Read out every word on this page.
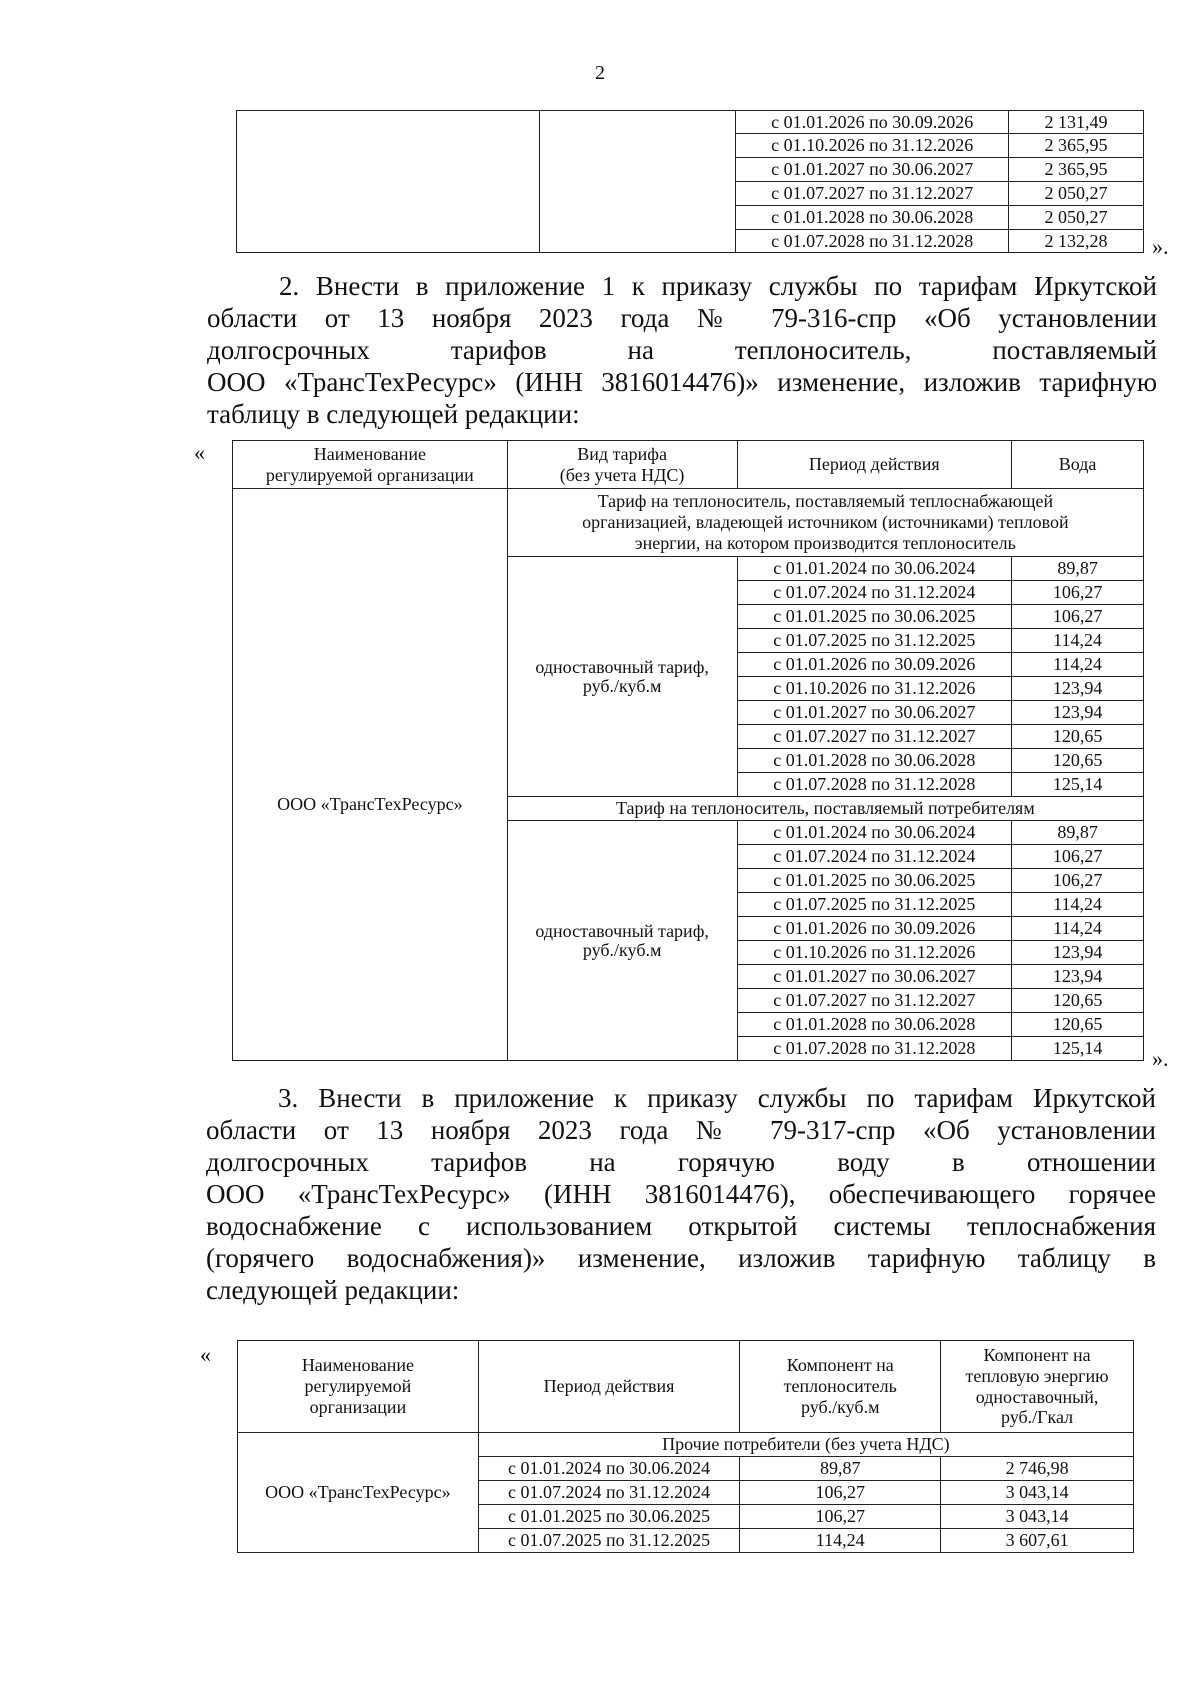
2
		с 01.01.2026 по 30.09.2026	2 131,49
		с 01.10.2026 по 31.12.2026	2 365,95
		с 01.01.2027 по 30.06.2027	2 365,95
		с 01.07.2027 по 31.12.2027	2 050,27
		с 01.01.2028 по 30.06.2028	2 050,27
		с 01.07.2028 по 31.12.2028	2 132,28 ».
2. Внести в приложение 1 к приказу службы по тарифам Иркутской
области от 13 ноября 2023 года № 79-316-спр «Об установлении
долгосрочных тарифов на теплоноситель, поставляемый
ООО «ТрансТехРесурс» (ИНН 3816014476)» изменение, изложив тарифную
таблицу в следующей редакции:
«	Наименование
регулируемой организации	Вид тарифа
(без учета НДС)	Период действия	Вода
ООО «ТрансТехРесурс»	Тариф на теплоноситель, поставляемый теплоснабжающей
организацией, владеющей источником (источниками) тепловой
энергии, на котором производится теплоноситель		
	одноставочный тариф,
руб./куб.м	с 01.01.2024 по 30.06.2024	89,87
		с 01.07.2024 по 31.12.2024	106,27
		с 01.01.2025 по 30.06.2025	106,27
		с 01.07.2025 по 31.12.2025	114,24
		с 01.01.2026 по 30.09.2026	114,24
		с 01.10.2026 по 31.12.2026	123,94
		с 01.01.2027 по 30.06.2027	123,94
		с 01.07.2027 по 31.12.2027	120,65
		с 01.01.2028 по 30.06.2028	120,65
		с 01.07.2028 по 31.12.2028	125,14
	Тариф на теплоноситель, поставляемый потребителям		
	одноставочный тариф,
руб./куб.м	с 01.01.2024 по 30.06.2024	89,87
		с 01.07.2024 по 31.12.2024	106,27
		с 01.01.2025 по 30.06.2025	106,27
		с 01.07.2025 по 31.12.2025	114,24
		с 01.01.2026 по 30.09.2026	114,24
		с 01.10.2026 по 31.12.2026	123,94
		с 01.01.2027 по 30.06.2027	123,94
		с 01.07.2027 по 31.12.2027	120,65
		с 01.01.2028 по 30.06.2028	120,65
		с 01.07.2028 по 31.12.2028	125,14 ».
3. Внести в приложение к приказу службы по тарифам Иркутской
области от 13 ноября 2023 года № 79-317-спр «Об установлении
долгосрочных тарифов на горячую воду в отношении
ООО «ТрансТехРесурс» (ИНН 3816014476), обеспечивающего горячее
водоснабжение с использованием открытой системы теплоснабжения
(горячего водоснабжения)» изменение, изложив тарифную таблицу в
следующей редакции:
«	Наименование
регулируемой
организации	Период действия	Компонент на
теплоноситель
руб./куб.м	Компонент на
тепловую энергию
одноставочный,
руб./Гкал
ООО «ТрансТехРесурс»	Прочие потребители (без учета НДС)		
	с 01.01.2024 по 30.06.2024	89,87	2 746,98
	с 01.07.2024 по 31.12.2024	106,27	3 043,14
	с 01.01.2025 по 30.06.2025	106,27	3 043,14
	с 01.07.2025 по 31.12.2025	114,24	3 607,61
